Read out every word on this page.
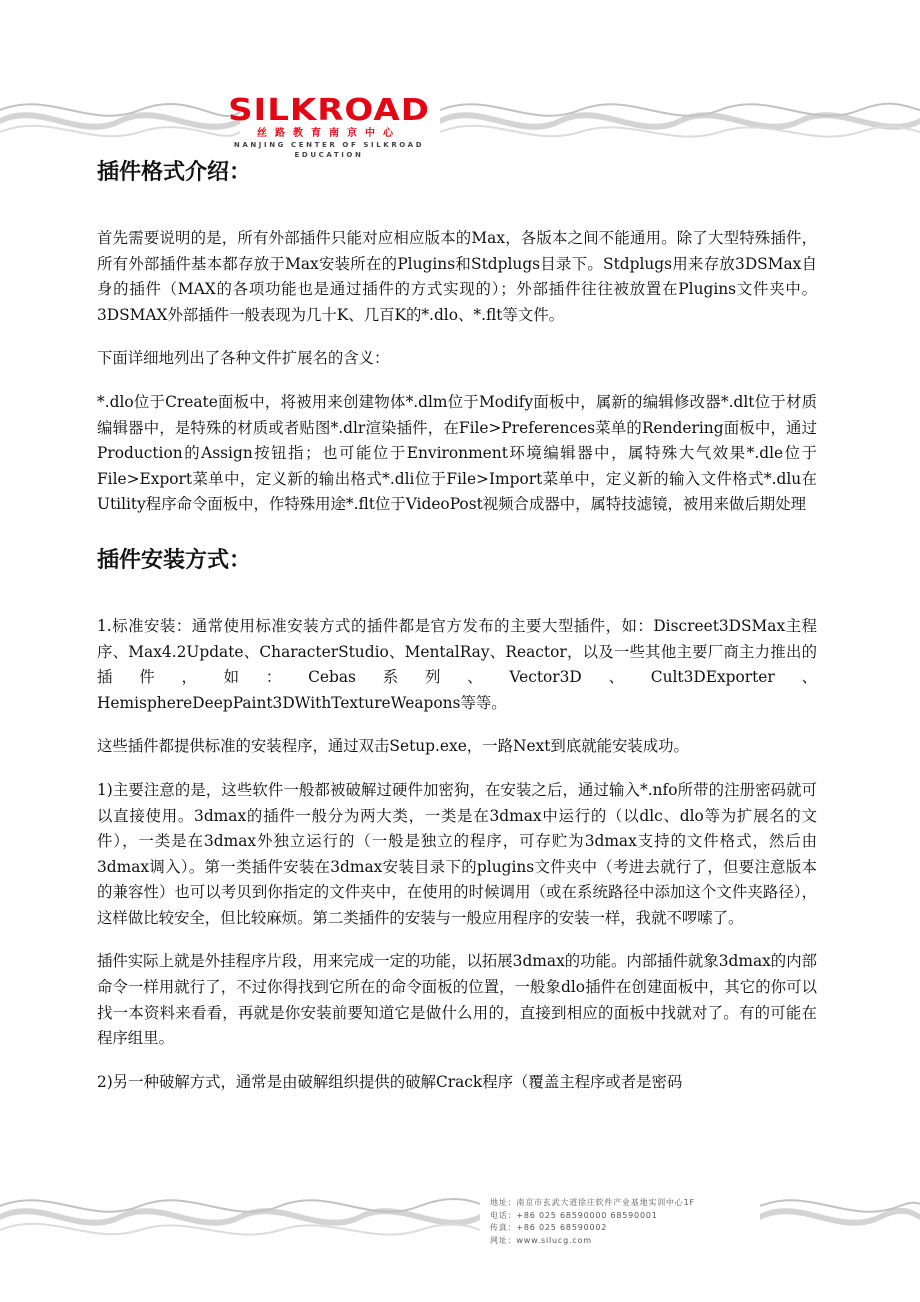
SILKROAD
丝路教育南京中心
NANJING CENTER OF SILKROAD EDUCATION
插件格式介绍：

首先需要说明的是，所有外部插件只能对应相应版本的Max，各版本之间不能通用。除了大型特殊插件，所有外部插件基本都存放于Max安装所在的Plugins和Stdplugs目录下。Stdplugs用来存放3DSMax自身的插件（MAX的各项功能也是通过插件的方式实现的）；外部插件往往被放置在Plugins文件夹中。3DSMAX外部插件一般表现为几十K、几百K的*.dlo、*.flt等文件。

下面详细地列出了各种文件扩展名的含义：

*.dlo位于Create面板中，将被用来创建物体*.dlm位于Modify面板中，属新的编辑修改器*.dlt位于材质编辑器中，是特殊的材质或者贴图*.dlr渲染插件，在File>Preferences菜单的Rendering面板中，通过Production的Assign按钮指；也可能位于Environment环境编辑器中，属特殊大气效果*.dle位于File>Export菜单中，定义新的输出格式*.dli位于File>Import菜单中，定义新的输入文件格式*.dlu在Utility程序命令面板中，作特殊用途*.flt位于VideoPost视频合成器中，属特技滤镜，被用来做后期处理

插件安装方式：

1.标准安装：通常使用标准安装方式的插件都是官方发布的主要大型插件，如：Discreet3DSMax主程序、Max4.2Update、CharacterStudio、MentalRay、Reactor，以及一些其他主要厂商主力推出的插件，如：Cebas系列、Vector3D、Cult3DExporter、HemisphereDeepPaint3DWithTextureWeapons等等。

这些插件都提供标准的安装程序，通过双击Setup.exe，一路Next到底就能安装成功。

1)主要注意的是，这些软件一般都被破解过硬件加密狗，在安装之后，通过输入*.nfo所带的注册密码就可以直接使用。3dmax的插件一般分为两大类，一类是在3dmax中运行的（以dlc、dlo等为扩展名的文件），一类是在3dmax外独立运行的（一般是独立的程序，可存贮为3dmax支持的文件格式，然后由3dmax调入）。第一类插件安装在3dmax安装目录下的plugins文件夹中（考进去就行了，但要注意版本的兼容性）也可以考贝到你指定的文件夹中，在使用的时候调用（或在系统路径中添加这个文件夹路径），这样做比较安全，但比较麻烦。第二类插件的安装与一般应用程序的安装一样，我就不啰嗦了。

插件实际上就是外挂程序片段，用来完成一定的功能，以拓展3dmax的功能。内部插件就象3dmax的内部命令一样用就行了，不过你得找到它所在的命令面板的位置，一般象dlo插件在创建面板中，其它的你可以找一本资料来看看，再就是你安装前要知道它是做什么用的，直接到相应的面板中找就对了。有的可能在程序组里。

2)另一种破解方式，通常是由破解组织提供的破解Crack程序（覆盖主程序或者是密码

地址：南京市玄武大道徐庄软件产业基地实训中心1F
电话：+86 025 68590000 68590001
传真：+86 025 68590002
网址：www.silucg.com
